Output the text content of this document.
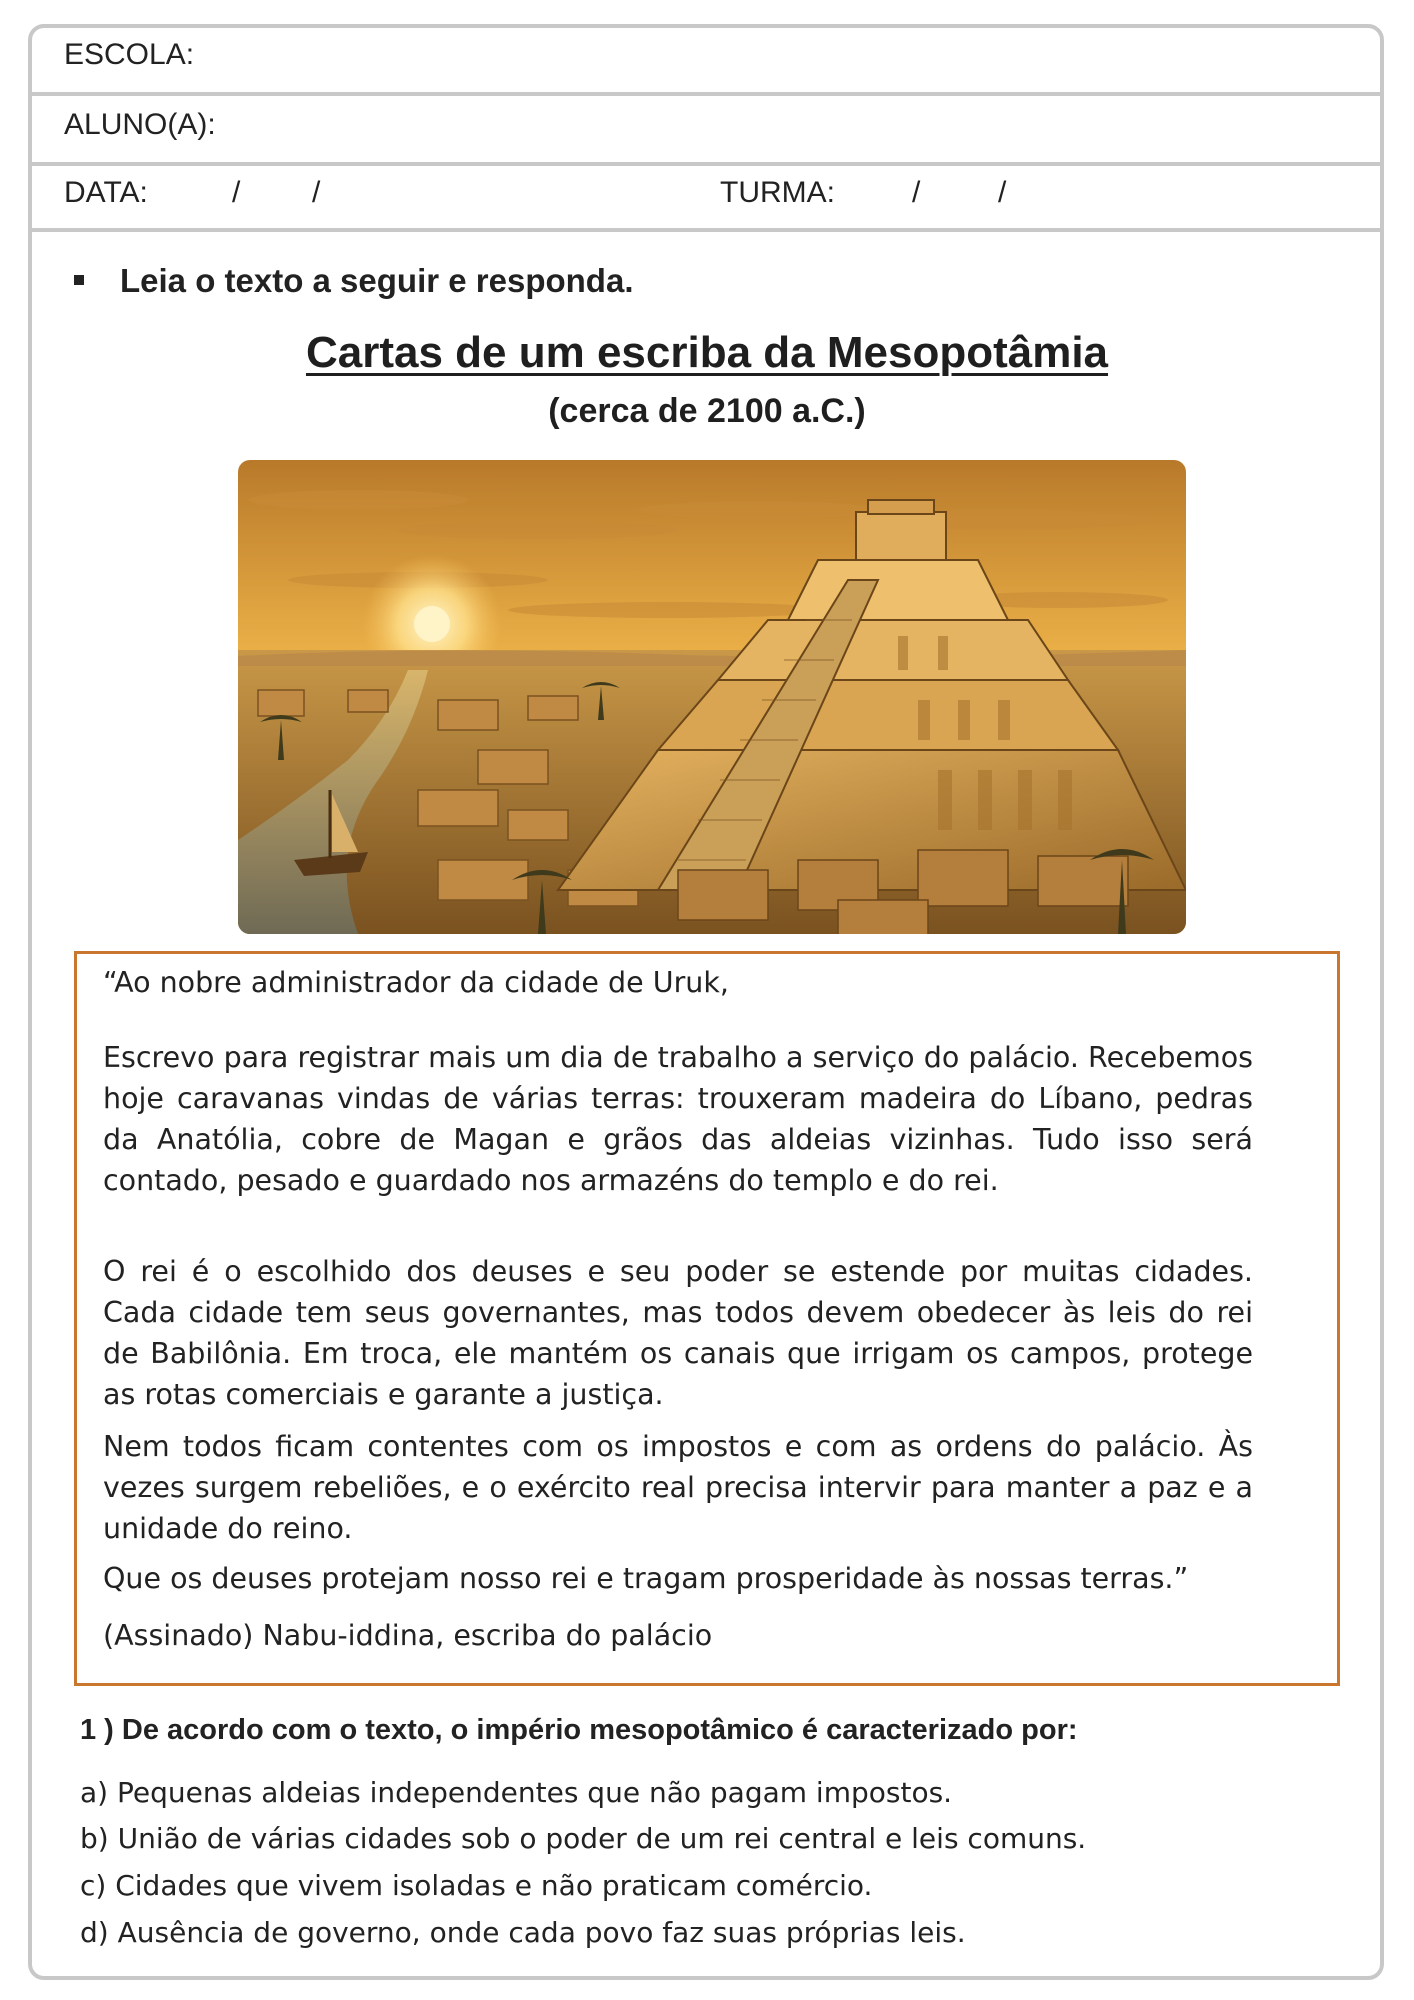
ESCOLA:
ALUNO(A):
DATA:	/ /	TURMA:	/	/
Leia o texto a seguir e responda.
Cartas de um escriba da Mesopotâmia
(cerca de 2100 a.C.)
“Ao nobre administrador da cidade de Uruk,
Escrevo para registrar mais um dia de trabalho a serviço do palácio. Recebemos hoje caravanas vindas de várias terras: trouxeram madeira do Líbano, pedras da Anatólia, cobre de Magan e grãos das aldeias vizinhas. Tudo isso será contado, pesado e guardado nos armazéns do templo e do rei.
O rei é o escolhido dos deuses e seu poder se estende por muitas cidades. Cada cidade tem seus governantes, mas todos devem obedecer às leis do rei de Babilônia. Em troca, ele mantém os canais que irrigam os campos, protege as rotas comerciais e garante a justiça.
Nem todos ficam contentes com os impostos e com as ordens do palácio. Às vezes surgem rebeliões, e o exército real precisa intervir para manter a paz e a unidade do reino.
Que os deuses protejam nosso rei e tragam prosperidade às nossas terras.”
(Assinado) Nabu-iddina, escriba do palácio
1 ) De acordo com o texto, o império mesopotâmico é caracterizado por:
a) Pequenas aldeias independentes que não pagam impostos.
b) União de várias cidades sob o poder de um rei central e leis comuns.
c) Cidades que vivem isoladas e não praticam comércio.
d) Ausência de governo, onde cada povo faz suas próprias leis.
